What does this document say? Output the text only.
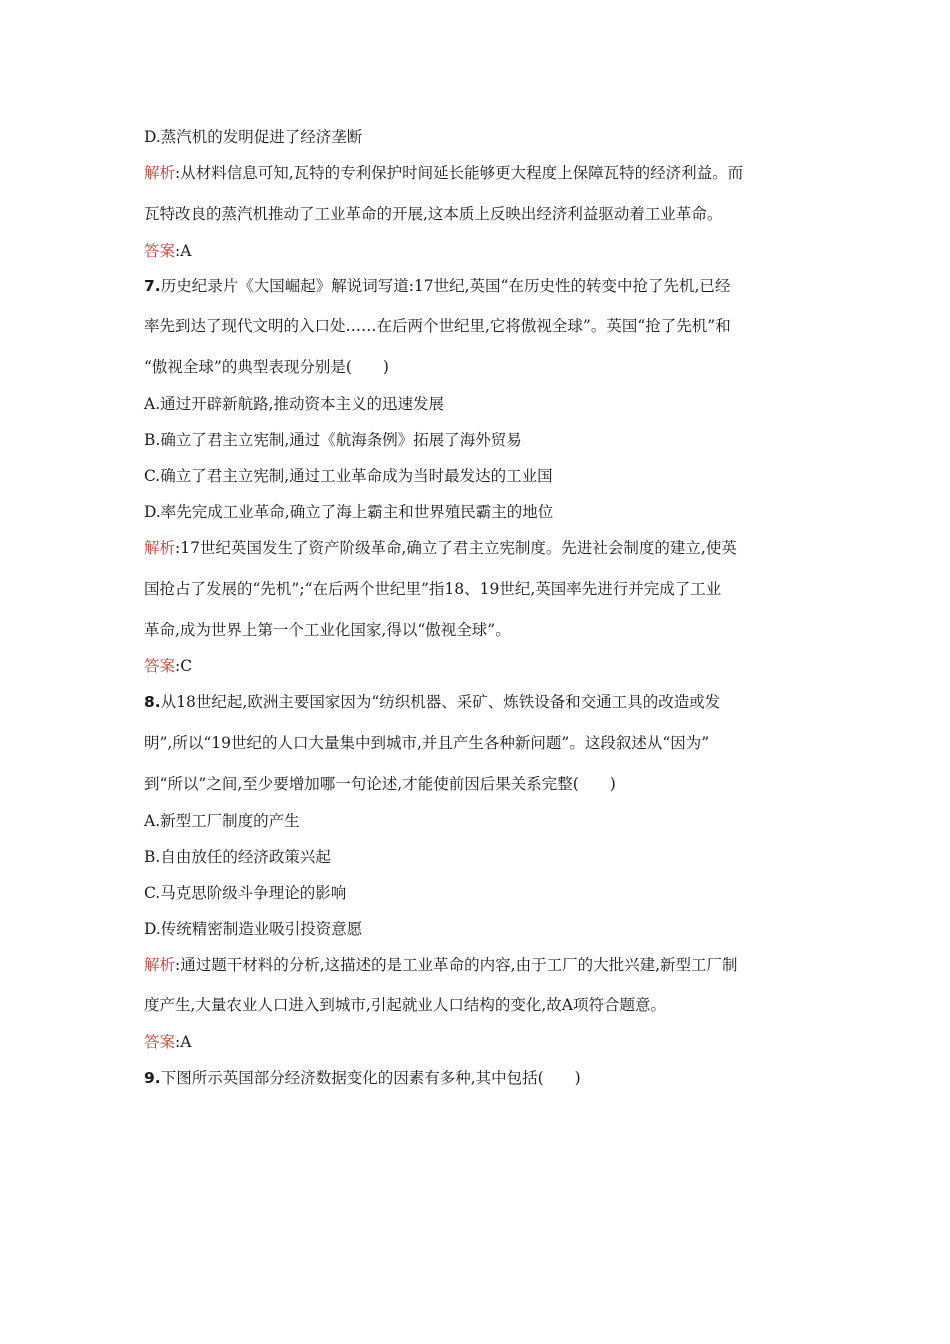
D.蒸汽机的发明促进了经济垄断
解析:从材料信息可知,瓦特的专利保护时间延长能够更大程度上保障瓦特的经济利益。而
瓦特改良的蒸汽机推动了工业革命的开展,这本质上反映出经济利益驱动着工业革命。
答案:A
7.历史纪录片《大国崛起》解说词写道:17世纪,英国“在历史性的转变中抢了先机,已经
率先到达了现代文明的入口处……在后两个世纪里,它将傲视全球”。英国“抢了先机”和
“傲视全球”的典型表现分别是(　　)
A.通过开辟新航路,推动资本主义的迅速发展
B.确立了君主立宪制,通过《航海条例》拓展了海外贸易
C.确立了君主立宪制,通过工业革命成为当时最发达的工业国
D.率先完成工业革命,确立了海上霸主和世界殖民霸主的地位
解析:17世纪英国发生了资产阶级革命,确立了君主立宪制度。先进社会制度的建立,使英
国抢占了发展的“先机”;“在后两个世纪里”指18、19世纪,英国率先进行并完成了工业
革命,成为世界上第一个工业化国家,得以“傲视全球”。
答案:C
8.从18世纪起,欧洲主要国家因为“纺织机器、采矿、炼铁设备和交通工具的改造或发
明”,所以“19世纪的人口大量集中到城市,并且产生各种新问题”。这段叙述从“因为”
到“所以”之间,至少要增加哪一句论述,才能使前因后果关系完整(　　)
A.新型工厂制度的产生
B.自由放任的经济政策兴起
C.马克思阶级斗争理论的影响
D.传统精密制造业吸引投资意愿
解析:通过题干材料的分析,这描述的是工业革命的内容,由于工厂的大批兴建,新型工厂制
度产生,大量农业人口进入到城市,引起就业人口结构的变化,故A项符合题意。
答案:A
9.下图所示英国部分经济数据变化的因素有多种,其中包括(　　)
